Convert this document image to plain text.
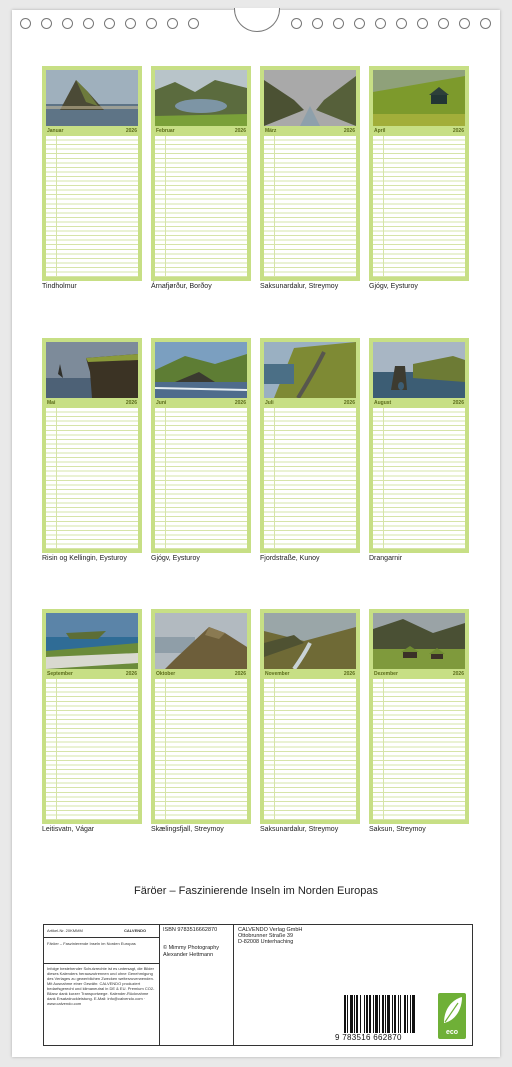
Januar	2026
Tindholmur
Februar	2026
Árnafjørður, Borðoy
März	2026
Saksunardalur, Streymoy
April	2026
Gjógv, Eysturoy
Mai	2026
Risin og Kellingin, Eysturoy
Juni	2026
Gjógv, Eysturoy
Juli	2026
Fjordstraße, Kunoy
August	2026
Drangarnir
September	2026
Leitisvatn, Vágar
Oktober	2026
Skælingsfjall, Streymoy
November	2026
Saksunardalur, Streymoy
Dezember	2026
Saksun, Streymoy
Färöer – Faszinierende Inseln im Norden Europas
Artikel-Nr. 20KMMM	CALVENDO
Färöer – Faszinierende Inseln im Norden Europas
Infolge bestehender Schutzrechte ist es untersagt, die Bilder dieses Kalenders herauszutrennen und ohne Genehmigung des Verlages zu gewerblichen Zwecken weiterzuverwenden. Mit Ausnahme einer Gewähr. CALVENDO produziert bedarfsgerecht und klimaneutral in DE & EU. Premium CO2-Bilanz dank kurzer Transportwege. Kalender-Rücknahme dank Ersatzdruckleistung. E-Mail: info@calvendo.com · www.calvendo.com
ISBN 9783516662870
© Mimmy Photography Alexander Hettmann
CALVENDO Verlag GmbH
Ottobrunner Straße 39
D-82008 Unterhaching
9 783516 662870
eco
